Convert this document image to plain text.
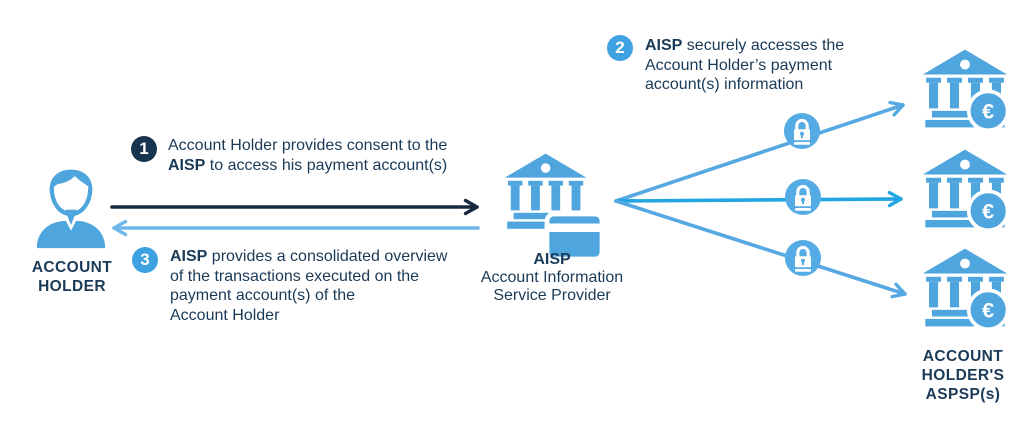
ACCOUNT
HOLDER
1 Account Holder provides consent to the
AISP to access his payment account(s)
3 AISP provides a consolidated overview
of the transactions executed on the
payment account(s) of the
Account Holder
AISP
Account Information
Service Provider
2 AISP securely accesses the
Account Holder’s payment
account(s) information
ACCOUNT
HOLDER'S
ASPSP(s)
